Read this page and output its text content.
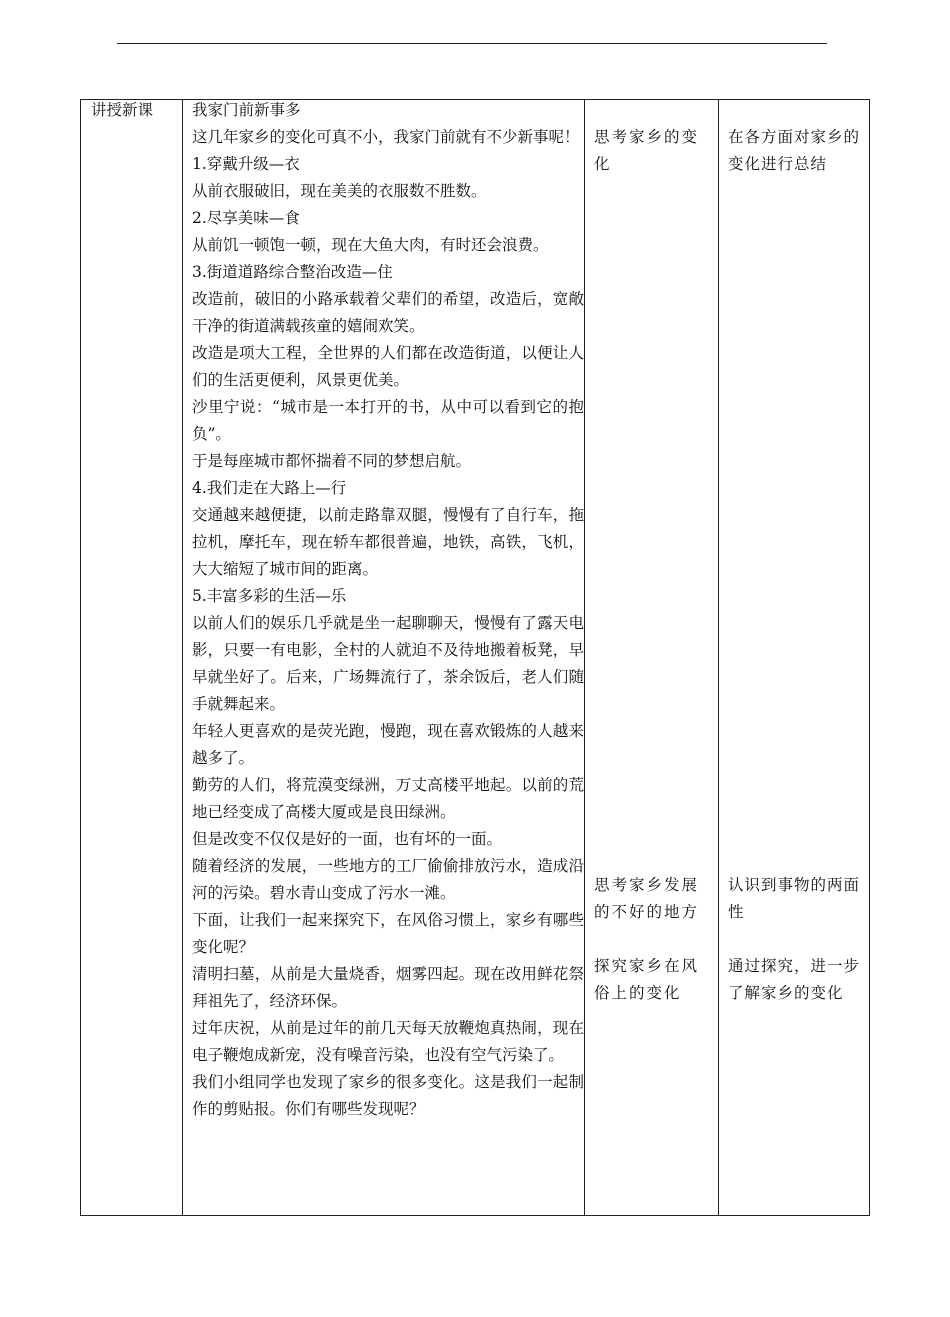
讲授新课	我家门前新事多

这几年家乡的变化可真不小，我家门前就有不少新事呢！

1.穿戴升级—衣

从前衣服破旧，现在美美的衣服数不胜数。

2.尽享美味—食

从前饥一顿饱一顿，现在大鱼大肉，有时还会浪费。

3.街道道路综合整治改造—住

改造前，破旧的小路承载着父辈们的希望，改造后，宽敞干净的街道满载孩童的嬉闹欢笑。

改造是项大工程，全世界的人们都在改造街道，以便让人们的生活更便利，风景更优美。

沙里宁说：“城市是一本打开的书，从中可以看到它的抱负”。

于是每座城市都怀揣着不同的梦想启航。

4.我们走在大路上—行

交通越来越便捷，以前走路靠双腿，慢慢有了自行车，拖拉机，摩托车，现在轿车都很普遍，地铁，高铁，飞机，大大缩短了城市间的距离。

5.丰富多彩的生活—乐

以前人们的娱乐几乎就是坐一起聊聊天，慢慢有了露天电影，只要一有电影，全村的人就迫不及待地搬着板凳，早早就坐好了。后来，广场舞流行了，茶余饭后，老人们随手就舞起来。

年轻人更喜欢的是荧光跑，慢跑，现在喜欢锻炼的人越来越多了。

勤劳的人们，将荒漠变绿洲，万丈高楼平地起。以前的荒地已经变成了高楼大厦或是良田绿洲。

但是改变不仅仅是好的一面，也有坏的一面。

随着经济的发展，一些地方的工厂偷偷排放污水，造成沿河的污染。碧水青山变成了污水一滩。

下面，让我们一起来探究下，在风俗习惯上，家乡有哪些变化呢？

清明扫墓，从前是大量烧香，烟雾四起。现在改用鲜花祭拜祖先了，经济环保。

过年庆祝，从前是过年的前几天每天放鞭炮真热闹，现在电子鞭炮成新宠，没有噪音污染，也没有空气污染了。

我们小组同学也发现了家乡的很多变化。这是我们一起制作的剪贴报。你们有哪些发现呢？

思考家乡的变化

思考家乡发展的不好的地方

探究家乡在风俗上的变化

在各方面对家乡的变化进行总结

认识到事物的两面性

通过探究，进一步了解家乡的变化
